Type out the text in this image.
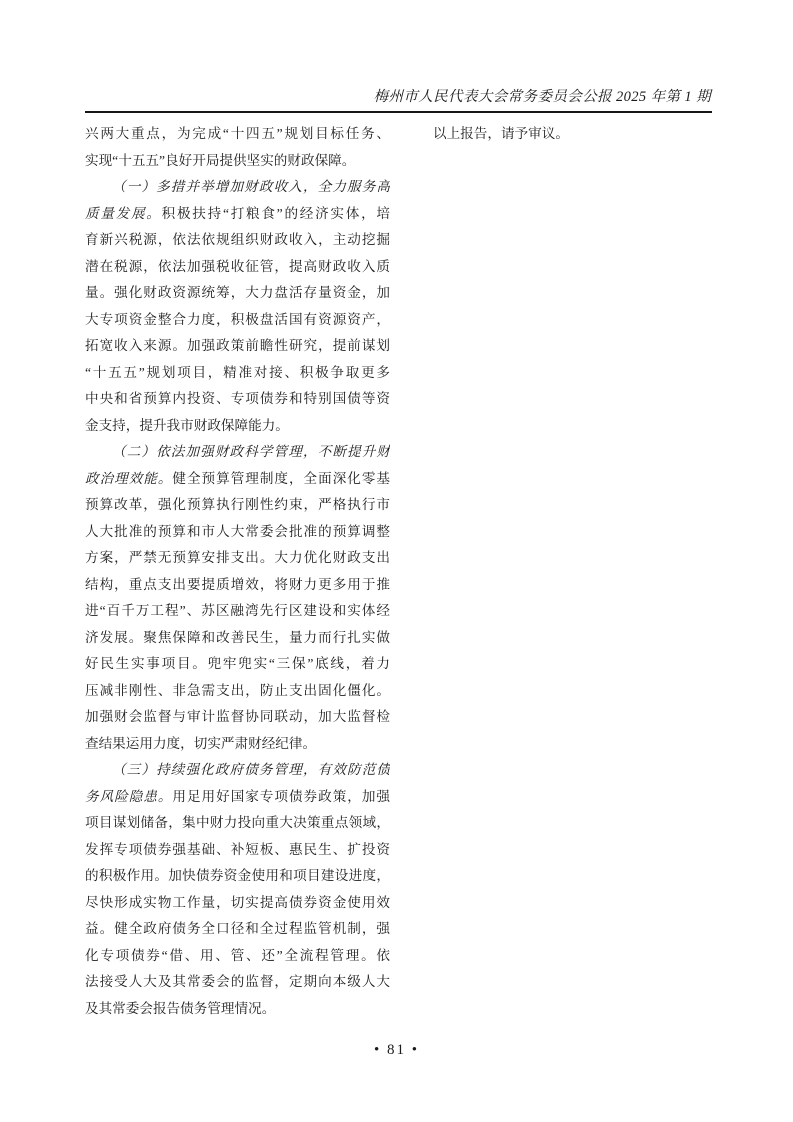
梅州市人民代表大会常务委员会公报 2025 年第 1 期
兴两大重点，为完成“十四五”规划目标任务、
实现“十五五”良好开局提供坚实的财政保障。
（一）多措并举增加财政收入，全力服务高
质量发展。积极扶持“打粮食”的经济实体，培
育新兴税源，依法依规组织财政收入，主动挖掘
潜在税源，依法加强税收征管，提高财政收入质
量。强化财政资源统筹，大力盘活存量资金，加
大专项资金整合力度，积极盘活国有资源资产，
拓宽收入来源。加强政策前瞻性研究，提前谋划
“十五五”规划项目，精准对接、积极争取更多
中央和省预算内投资、专项债券和特别国债等资
金支持，提升我市财政保障能力。
（二）依法加强财政科学管理，不断提升财
政治理效能。健全预算管理制度，全面深化零基
预算改革，强化预算执行刚性约束，严格执行市
人大批准的预算和市人大常委会批准的预算调整
方案，严禁无预算安排支出。大力优化财政支出
结构，重点支出要提质增效，将财力更多用于推
进“百千万工程”、苏区融湾先行区建设和实体经
济发展。聚焦保障和改善民生，量力而行扎实做
好民生实事项目。兜牢兜实“三保”底线，着力
压减非刚性、非急需支出，防止支出固化僵化。
加强财会监督与审计监督协同联动，加大监督检
查结果运用力度，切实严肃财经纪律。
（三）持续强化政府债务管理，有效防范债
务风险隐患。用足用好国家专项债券政策，加强
项目谋划储备，集中财力投向重大决策重点领域，
发挥专项债券强基础、补短板、惠民生、扩投资
的积极作用。加快债券资金使用和项目建设进度，
尽快形成实物工作量，切实提高债券资金使用效
益。健全政府债务全口径和全过程监管机制，强
化专项债券“借、用、管、还”全流程管理。依
法接受人大及其常委会的监督，定期向本级人大
及其常委会报告债务管理情况。
以上报告，请予审议。
• 81 •
